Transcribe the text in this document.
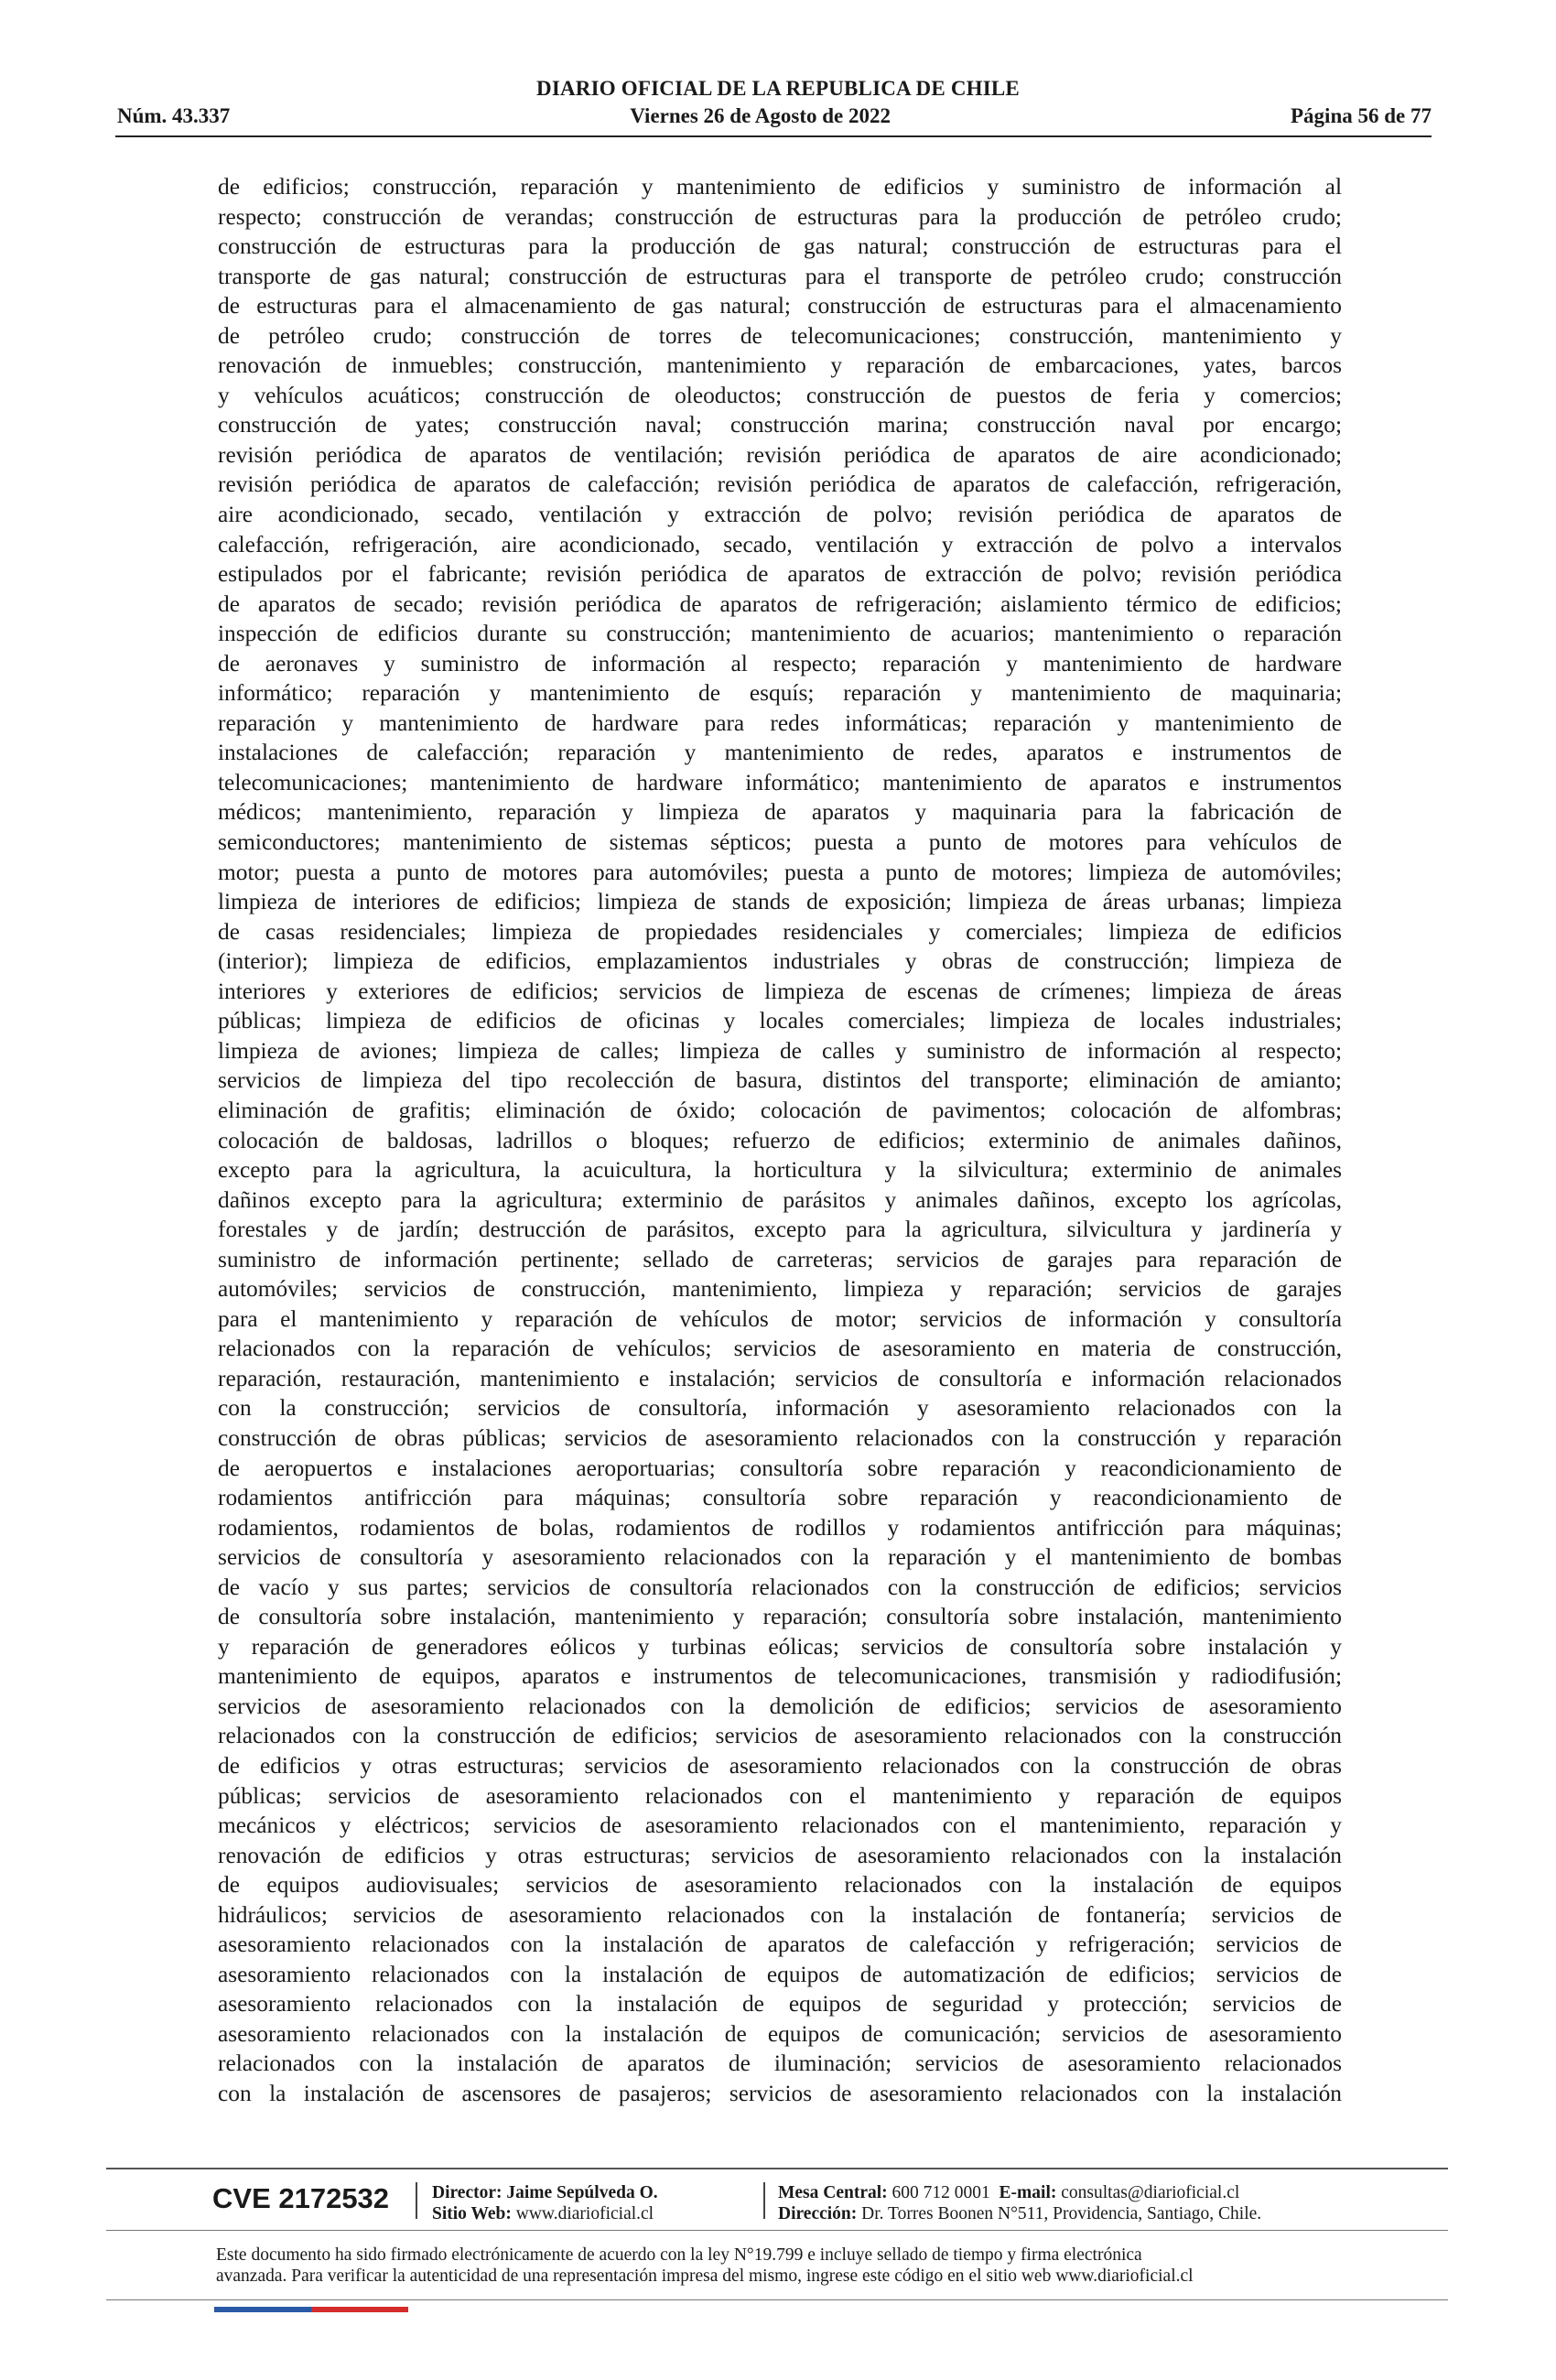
DIARIO OFICIAL DE LA REPUBLICA DE CHILE
Núm. 43.337	Viernes 26 de Agosto de 2022	Página 56 de 77
de edificios; construcción, reparación y mantenimiento de edificios y suministro de información al
respecto; construcción de verandas; construcción de estructuras para la producción de petróleo crudo;
construcción de estructuras para la producción de gas natural; construcción de estructuras para el
transporte de gas natural; construcción de estructuras para el transporte de petróleo crudo; construcción
de estructuras para el almacenamiento de gas natural; construcción de estructuras para el almacenamiento
de petróleo crudo; construcción de torres de telecomunicaciones; construcción, mantenimiento y
renovación de inmuebles; construcción, mantenimiento y reparación de embarcaciones, yates, barcos
y vehículos acuáticos; construcción de oleoductos; construcción de puestos de feria y comercios;
construcción de yates; construcción naval; construcción marina; construcción naval por encargo;
revisión periódica de aparatos de ventilación; revisión periódica de aparatos de aire acondicionado;
revisión periódica de aparatos de calefacción; revisión periódica de aparatos de calefacción, refrigeración,
aire acondicionado, secado, ventilación y extracción de polvo; revisión periódica de aparatos de
calefacción, refrigeración, aire acondicionado, secado, ventilación y extracción de polvo a intervalos
estipulados por el fabricante; revisión periódica de aparatos de extracción de polvo; revisión periódica
de aparatos de secado; revisión periódica de aparatos de refrigeración; aislamiento térmico de edificios;
inspección de edificios durante su construcción; mantenimiento de acuarios; mantenimiento o reparación
de aeronaves y suministro de información al respecto; reparación y mantenimiento de hardware
informático; reparación y mantenimiento de esquís; reparación y mantenimiento de maquinaria;
reparación y mantenimiento de hardware para redes informáticas; reparación y mantenimiento de
instalaciones de calefacción; reparación y mantenimiento de redes, aparatos e instrumentos de
telecomunicaciones; mantenimiento de hardware informático; mantenimiento de aparatos e instrumentos
médicos; mantenimiento, reparación y limpieza de aparatos y maquinaria para la fabricación de
semiconductores; mantenimiento de sistemas sépticos; puesta a punto de motores para vehículos de
motor; puesta a punto de motores para automóviles; puesta a punto de motores; limpieza de automóviles;
limpieza de interiores de edificios; limpieza de stands de exposición; limpieza de áreas urbanas; limpieza
de casas residenciales; limpieza de propiedades residenciales y comerciales; limpieza de edificios
(interior); limpieza de edificios, emplazamientos industriales y obras de construcción; limpieza de
interiores y exteriores de edificios; servicios de limpieza de escenas de crímenes; limpieza de áreas
públicas; limpieza de edificios de oficinas y locales comerciales; limpieza de locales industriales;
limpieza de aviones; limpieza de calles; limpieza de calles y suministro de información al respecto;
servicios de limpieza del tipo recolección de basura, distintos del transporte; eliminación de amianto;
eliminación de grafitis; eliminación de óxido; colocación de pavimentos; colocación de alfombras;
colocación de baldosas, ladrillos o bloques; refuerzo de edificios; exterminio de animales dañinos,
excepto para la agricultura, la acuicultura, la horticultura y la silvicultura; exterminio de animales
dañinos excepto para la agricultura; exterminio de parásitos y animales dañinos, excepto los agrícolas,
forestales y de jardín; destrucción de parásitos, excepto para la agricultura, silvicultura y jardinería y
suministro de información pertinente; sellado de carreteras; servicios de garajes para reparación de
automóviles; servicios de construcción, mantenimiento, limpieza y reparación; servicios de garajes
para el mantenimiento y reparación de vehículos de motor; servicios de información y consultoría
relacionados con la reparación de vehículos; servicios de asesoramiento en materia de construcción,
reparación, restauración, mantenimiento e instalación; servicios de consultoría e información relacionados
con la construcción; servicios de consultoría, información y asesoramiento relacionados con la
construcción de obras públicas; servicios de asesoramiento relacionados con la construcción y reparación
de aeropuertos e instalaciones aeroportuarias; consultoría sobre reparación y reacondicionamiento de
rodamientos antifricción para máquinas; consultoría sobre reparación y reacondicionamiento de
rodamientos, rodamientos de bolas, rodamientos de rodillos y rodamientos antifricción para máquinas;
servicios de consultoría y asesoramiento relacionados con la reparación y el mantenimiento de bombas
de vacío y sus partes; servicios de consultoría relacionados con la construcción de edificios; servicios
de consultoría sobre instalación, mantenimiento y reparación; consultoría sobre instalación, mantenimiento
y reparación de generadores eólicos y turbinas eólicas; servicios de consultoría sobre instalación y
mantenimiento de equipos, aparatos e instrumentos de telecomunicaciones, transmisión y radiodifusión;
servicios de asesoramiento relacionados con la demolición de edificios; servicios de asesoramiento
relacionados con la construcción de edificios; servicios de asesoramiento relacionados con la construcción
de edificios y otras estructuras; servicios de asesoramiento relacionados con la construcción de obras
públicas; servicios de asesoramiento relacionados con el mantenimiento y reparación de equipos
mecánicos y eléctricos; servicios de asesoramiento relacionados con el mantenimiento, reparación y
renovación de edificios y otras estructuras; servicios de asesoramiento relacionados con la instalación
de equipos audiovisuales; servicios de asesoramiento relacionados con la instalación de equipos
hidráulicos; servicios de asesoramiento relacionados con la instalación de fontanería; servicios de
asesoramiento relacionados con la instalación de aparatos de calefacción y refrigeración; servicios de
asesoramiento relacionados con la instalación de equipos de automatización de edificios; servicios de
asesoramiento relacionados con la instalación de equipos de seguridad y protección; servicios de
asesoramiento relacionados con la instalación de equipos de comunicación; servicios de asesoramiento
relacionados con la instalación de aparatos de iluminación; servicios de asesoramiento relacionados
con la instalación de ascensores de pasajeros; servicios de asesoramiento relacionados con la instalación
CVE 2172532 Director: Jaime Sepúlveda O.
Sitio Web: www.diarioficial.cl
Mesa Central: 600 712 0001 E-mail: consultas@diarioficial.cl
Dirección: Dr. Torres Boonen N°511, Providencia, Santiago, Chile.
Este documento ha sido firmado electrónicamente de acuerdo con la ley N°19.799 e incluye sellado de tiempo y firma electrónica
avanzada. Para verificar la autenticidad de una representación impresa del mismo, ingrese este código en el sitio web www.diarioficial.cl
